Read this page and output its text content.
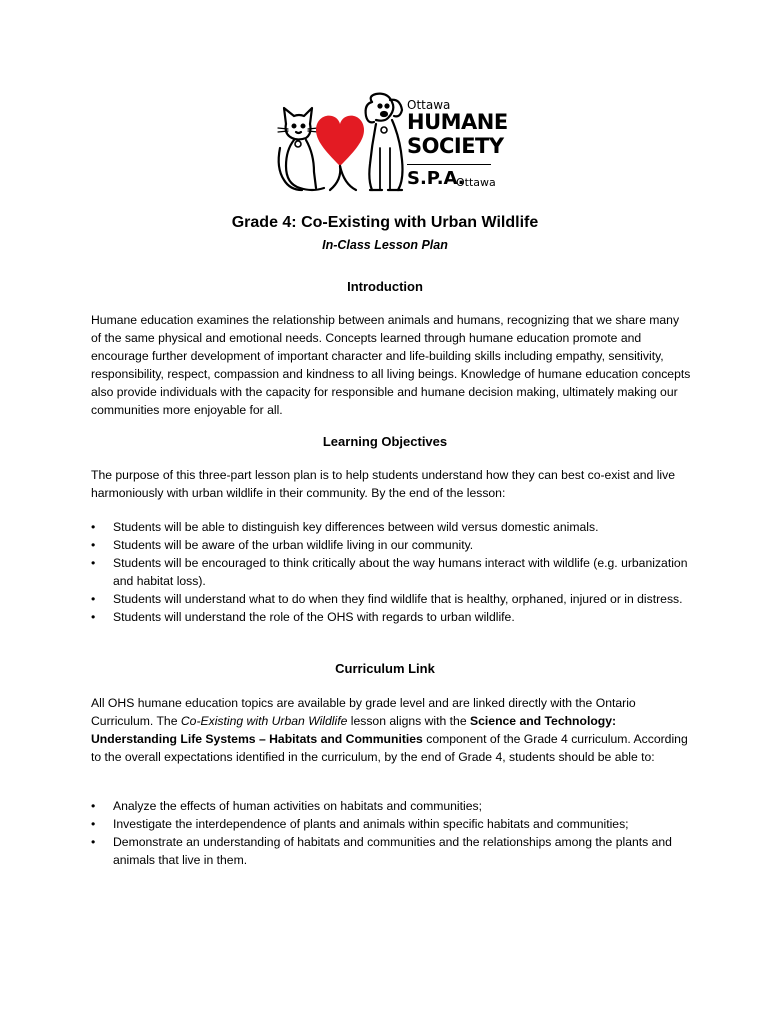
Ottawa
HUMANE
SOCIETY
S.P.A.
Ottawa
Grade 4: Co-Existing with Urban Wildlife
In-Class Lesson Plan
Introduction

Humane education examines the relationship between animals and humans, recognizing that we share many of the same physical and emotional needs. Concepts learned through humane education promote and encourage further development of important character and life-building skills including empathy, sensitivity, responsibility, respect, compassion and kindness to all living beings. Knowledge of humane education concepts also provide individuals with the capacity for responsible and humane decision making, ultimately making our communities more enjoyable for all.

Learning Objectives

The purpose of this three-part lesson plan is to help students understand how they can best co-exist and live harmoniously with urban wildlife in their community. By the end of the lesson:

•
Students will be able to distinguish key differences between wild versus domestic animals.
•
Students will be aware of the urban wildlife living in our community.
•
Students will be encouraged to think critically about the way humans interact with wildlife (e.g. urbanization and habitat loss).
•
Students will understand what to do when they find wildlife that is healthy, orphaned, injured or in distress.
•
Students will understand the role of the OHS with regards to urban wildlife.
Curriculum Link

All OHS humane education topics are available by grade level and are linked directly with the Ontario Curriculum. The Co-Existing with Urban Wildlife lesson aligns with the Science and Technology: Understanding Life Systems – Habitats and Communities component of the Grade 4 curriculum. According to the overall expectations identified in the curriculum, by the end of Grade 4, students should be able to:

•
Analyze the effects of human activities on habitats and communities;
•
Investigate the interdependence of plants and animals within specific habitats and communities;
•
Demonstrate an understanding of habitats and communities and the relationships among the plants and animals that live in them.
